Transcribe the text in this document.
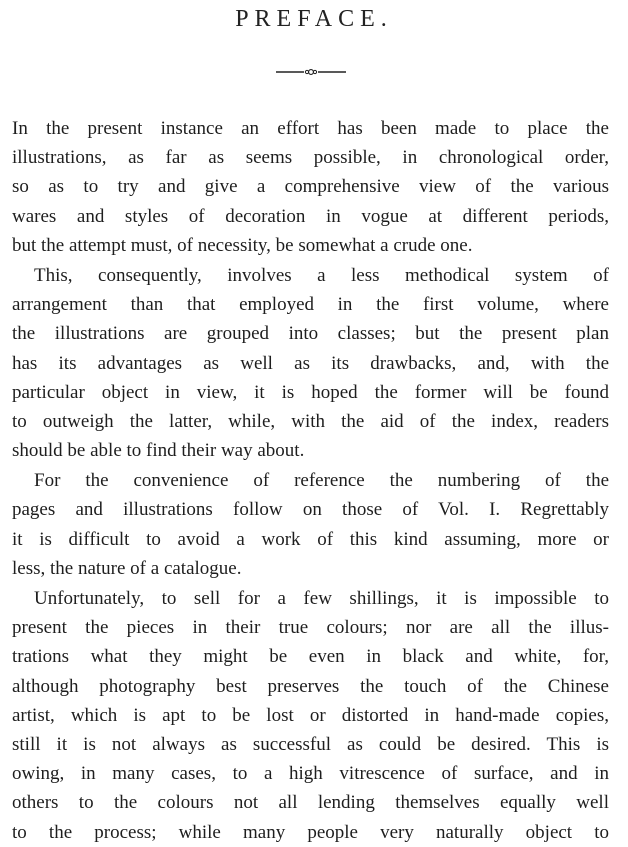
PREFACE.
In the present instance an effort has been made to place the
illustrations, as far as seems possible, in chronological order,
so as to try and give a comprehensive view of the various
wares and styles of decoration in vogue at different periods,
but the attempt must, of necessity, be somewhat a crude one.
This, consequently, involves a less methodical system of
arrangement than that employed in the first volume, where
the illustrations are grouped into classes; but the present plan
has its advantages as well as its drawbacks, and, with the
particular object in view, it is hoped the former will be found
to outweigh the latter, while, with the aid of the index, readers
should be able to find their way about.
For the convenience of reference the numbering of the
pages and illustrations follow on those of Vol. I. Regrettably
it is difficult to avoid a work of this kind assuming, more or
less, the nature of a catalogue.
Unfortunately, to sell for a few shillings, it is impossible to
present the pieces in their true colours; nor are all the illus-
trations what they might be even in black and white, for,
although photography best preserves the touch of the Chinese
artist, which is apt to be lost or distorted in hand-made copies,
still it is not always as successful as could be desired. This is
owing, in many cases, to a high vitrescence of surface, and in
others to the colours not all lending themselves equally well
to the process; while many people very naturally object to
